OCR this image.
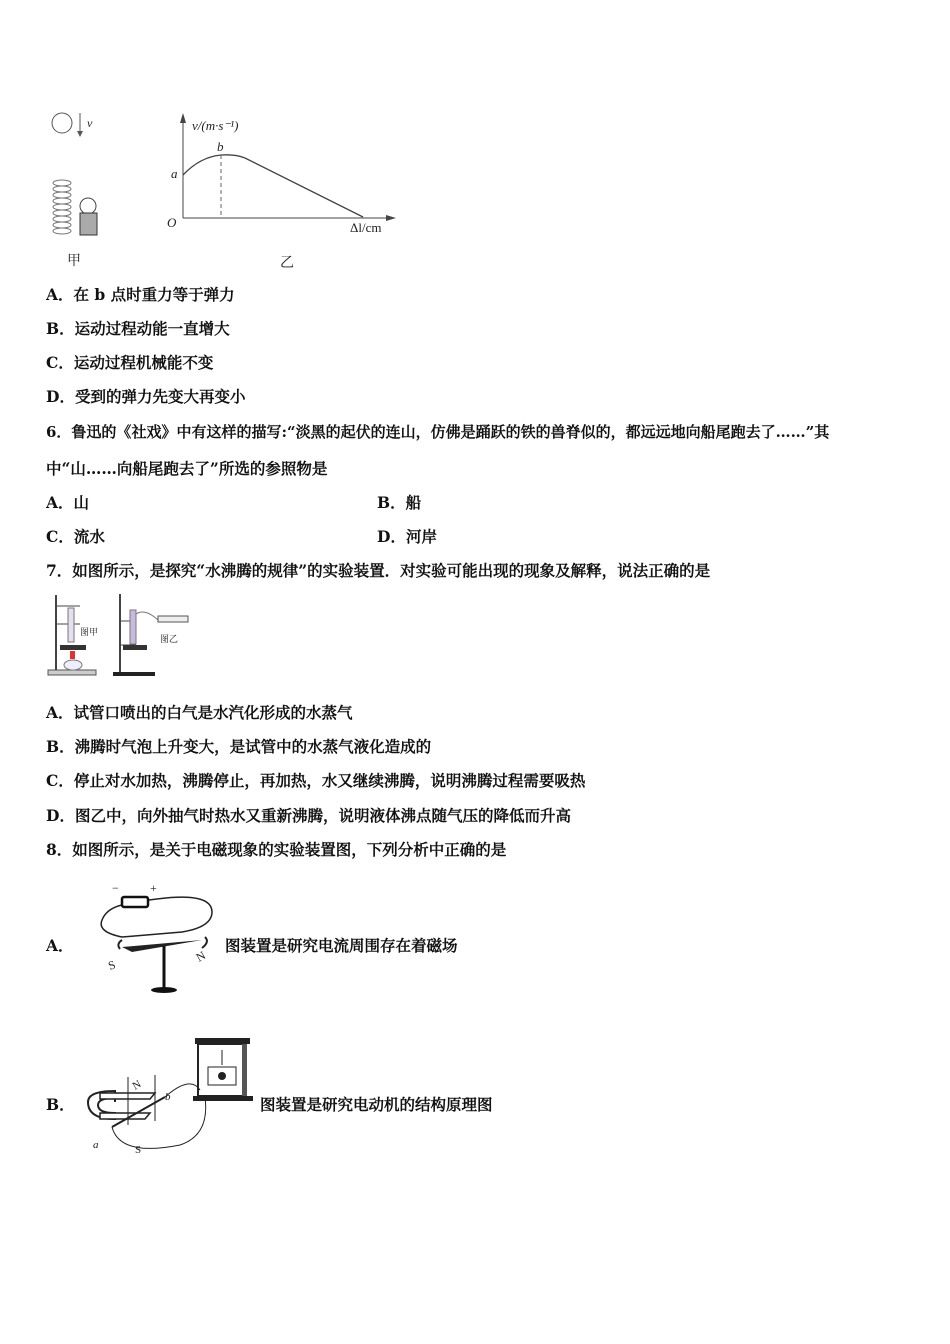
v
甲
v/(m·s⁻¹)
Δl/cm
O
a
b
乙
A．在 b 点时重力等于弹力
B．运动过程动能一直增大
C．运动过程机械能不变
D．受到的弹力先变大再变小
6．鲁迅的《社戏》中有这样的描写:“淡黑的起伏的连山，仿佛是踊跃的铁的兽脊似的，都远远地向船尾跑去了……”其
中“山……向船尾跑去了”所选的参照物是
A．山	B．船
C．流水	D．河岸
7．如图所示，是探究“水沸腾的规律”的实验装置．对实验可能出现的现象及解释，说法正确的是
图甲
图乙
A．试管口喷出的白气是水汽化形成的水蒸气
B．沸腾时气泡上升变大，是试管中的水蒸气液化造成的
C．停止对水加热，沸腾停止，再加热，水又继续沸腾，说明沸腾过程需要吸热
D．图乙中，向外抽气时热水又重新沸腾，说明液体沸点随气压的降低而升高
8．如图所示，是关于电磁现象的实验装置图，下列分析中正确的是
A．
−	+
S
N
图装置是研究电流周围存在着磁场
B．
N
S
a
b	图装置是研究电动机的结构原理图
